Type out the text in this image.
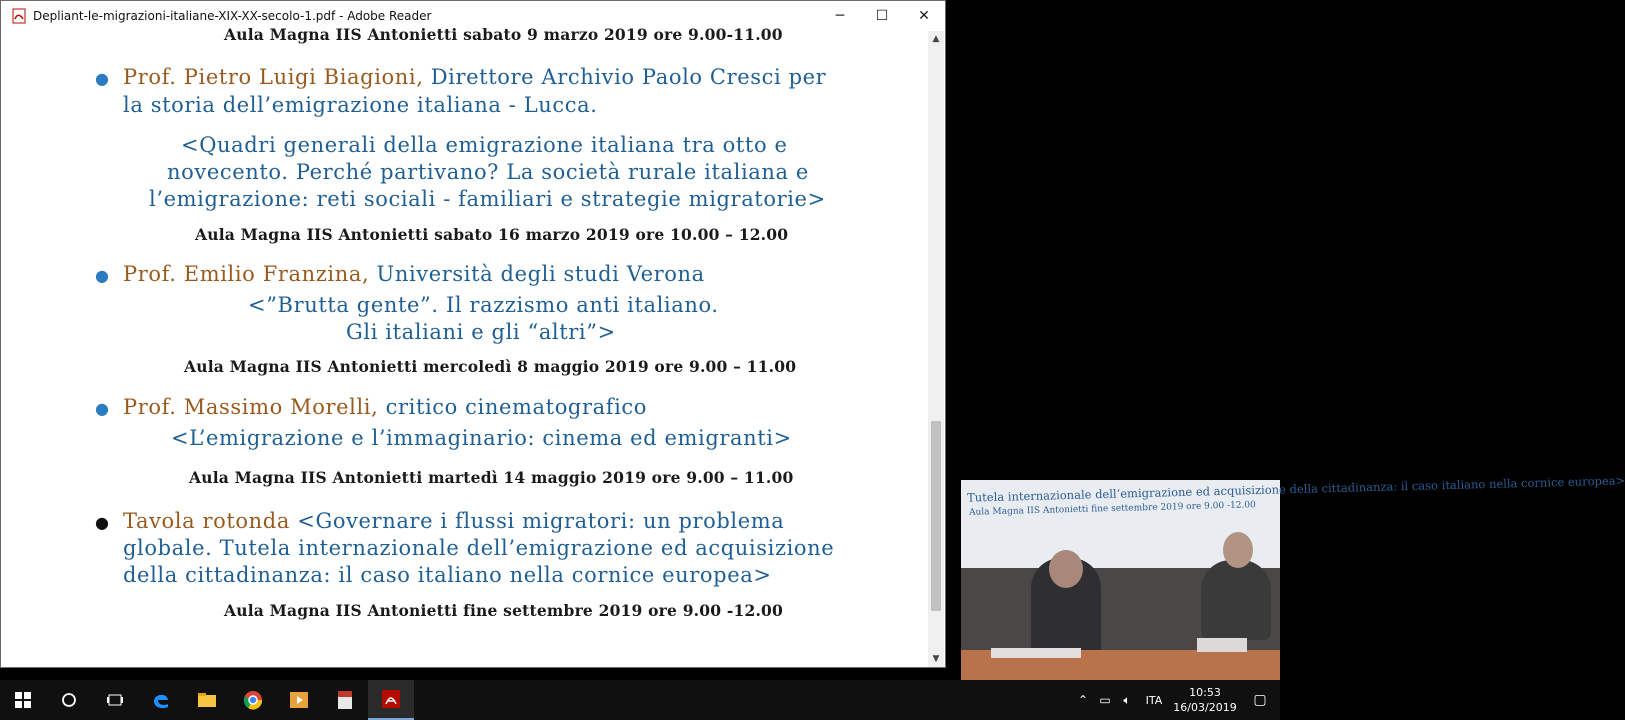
Depliant-le-migrazioni-italiane-XIX-XX-secolo-1.pdf - Adobe Reader	─	☐	✕
Aula Magna IIS Antonietti sabato 9 marzo 2019 ore 9.00-11.00
● Prof. Pietro Luigi Biagioni, Direttore Archivio Paolo Cresci per
la storia dell’emigrazione italiana - Lucca.
<Quadri generali della emigrazione italiana tra otto e
novecento. Perché partivano? La società rurale italiana e
l’emigrazione: reti sociali - familiari e strategie migratorie>
Aula Magna IIS Antonietti sabato 16 marzo 2019 ore 10.00 – 12.00
● Prof. Emilio Franzina, Università degli studi Verona
<”Brutta gente”. Il razzismo anti italiano.
Gli italiani e gli “altri”>
Aula Magna IIS Antonietti mercoledì 8 maggio 2019 ore 9.00 – 11.00
● Prof. Massimo Morelli, critico cinematografico
<L’emigrazione e l’immaginario: cinema ed emigranti>
Aula Magna IIS Antonietti martedì 14 maggio 2019 ore 9.00 – 11.00
● Tavola rotonda <Governare i flussi migratori: un problema
globale. Tutela internazionale dell’emigrazione ed acquisizione
della cittadinanza: il caso italiano nella cornice europea>
Aula Magna IIS Antonietti fine settembre 2019 ore 9.00 -12.00
▲
▼
Tutela internazionale dell’emigrazione ed acquisizione della cittadinanza: il caso italiano nella cornice europea>
Aula Magna IIS Antonietti fine settembre 2019 ore 9.00 -12.00
⌃ ▭	🔈︎	ITA
10:53
16/03/2019	▢
